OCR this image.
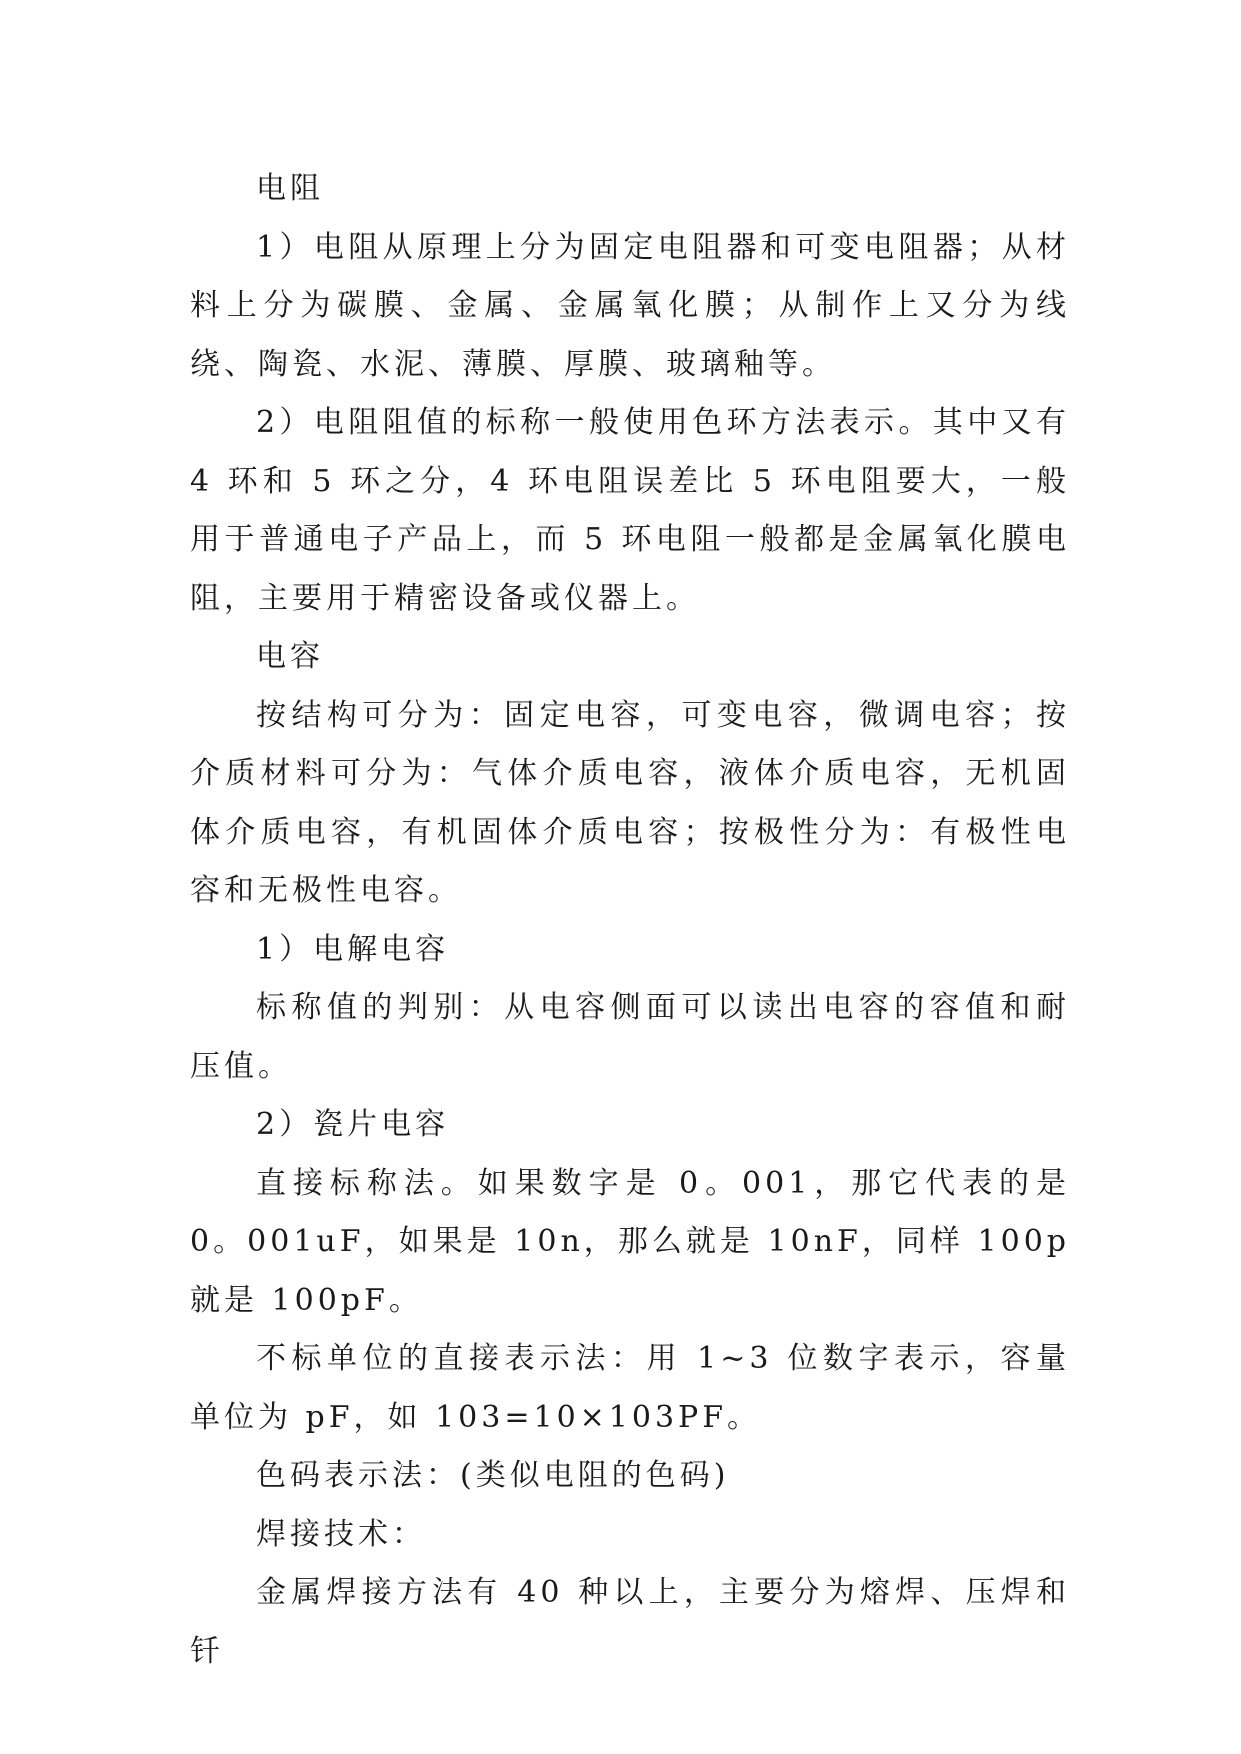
电阻

1）电阻从原理上分为固定电阻器和可变电阻器；从材料上分为碳膜、金属、金属氧化膜；从制作上又分为线绕、陶瓷、水泥、薄膜、厚膜、玻璃釉等。

2）电阻阻值的标称一般使用色环方法表示。其中又有 4 环和 5 环之分，4 环电阻误差比 5 环电阻要大，一般用于普通电子产品上，而 5 环电阻一般都是金属氧化膜电阻，主要用于精密设备或仪器上。

电容

按结构可分为：固定电容，可变电容，微调电容；按介质材料可分为：气体介质电容，液体介质电容，无机固体介质电容，有机固体介质电容；按极性分为：有极性电容和无极性电容。

1）电解电容

标称值的判别：从电容侧面可以读出电容的容值和耐压值。

2）瓷片电容

直接标称法。如果数字是 0。001，那它代表的是 0。001uF，如果是 10n，那么就是 10nF，同样 100p 就是 100pF。

不标单位的直接表示法：用 1~3 位数字表示，容量单位为 pF，如 103=10×103PF。

色码表示法：(类似电阻的色码)

焊接技术：

金属焊接方法有 40 种以上，主要分为熔焊、压焊和钎
